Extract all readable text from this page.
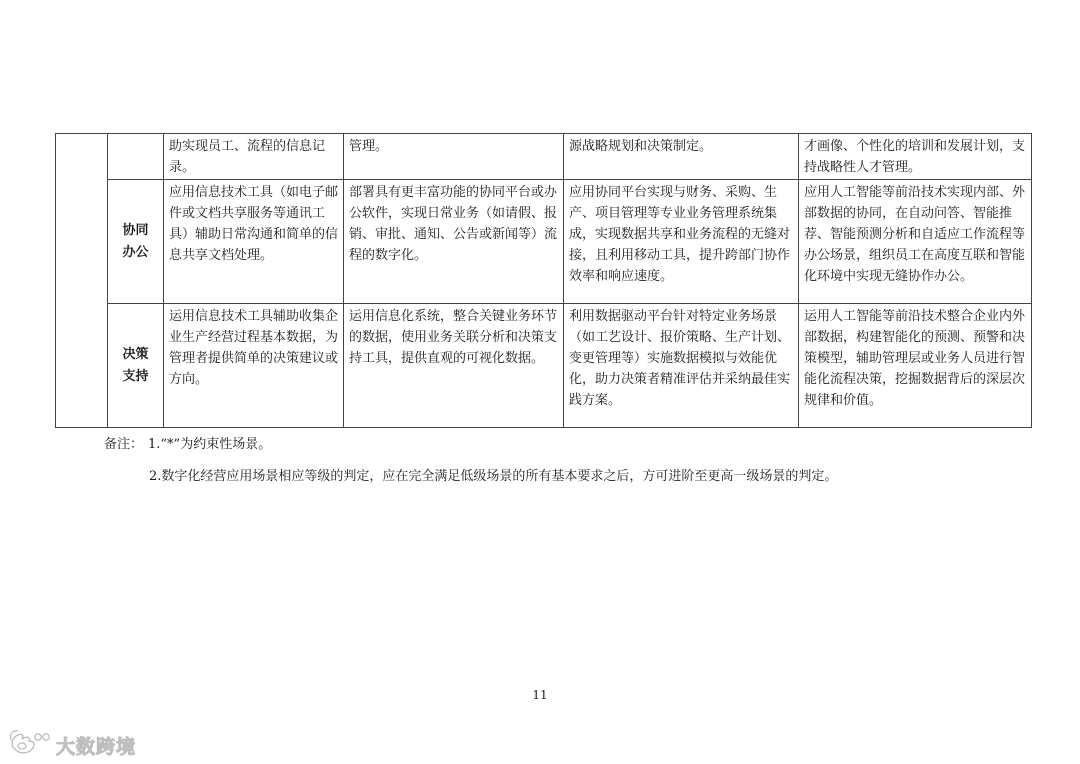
		助实现员工、流程的信息记录。	管理。	源战略规划和决策制定。	才画像、个性化的培训和发展计划，支持战略性人才管理。

	协同办公	应用信息技术工具（如电子邮件或文档共享服务等通讯工具）辅助日常沟通和简单的信息共享文档处理。	部署具有更丰富功能的协同平台或办公软件，实现日常业务（如请假、报销、审批、通知、公告或新闻等）流程的数字化。	应用协同平台实现与财务、采购、生产、项目管理等专业业务管理系统集成，实现数据共享和业务流程的无缝对接，且利用移动工具，提升跨部门协作效率和响应速度。	应用人工智能等前沿技术实现内部、外部数据的协同，在自动问答、智能推荐、智能预测分析和自适应工作流程等办公场景，组织员工在高度互联和智能化环境中实现无缝协作办公。

	决策支持	运用信息技术工具辅助收集企业生产经营过程基本数据，为管理者提供简单的决策建议或方向。	运用信息化系统，整合关键业务环节的数据，使用业务关联分析和决策支持工具，提供直观的可视化数据。	利用数据驱动平台针对特定业务场景（如工艺设计、报价策略、生产计划、变更管理等）实施数据模拟与效能优化，助力决策者精准评估并采纳最佳实践方案。	运用人工智能等前沿技术整合企业内外部数据，构建智能化的预测、预警和决策模型，辅助管理层或业务人员进行智能化流程决策，挖掘数据背后的深层次规律和价值。
备注： 1.“*”为约束性场景。
2.数字化经营应用场景相应等级的判定，应在完全满足低级场景的所有基本要求之后，方可进阶至更高一级场景的判定。
11
大数跨境
